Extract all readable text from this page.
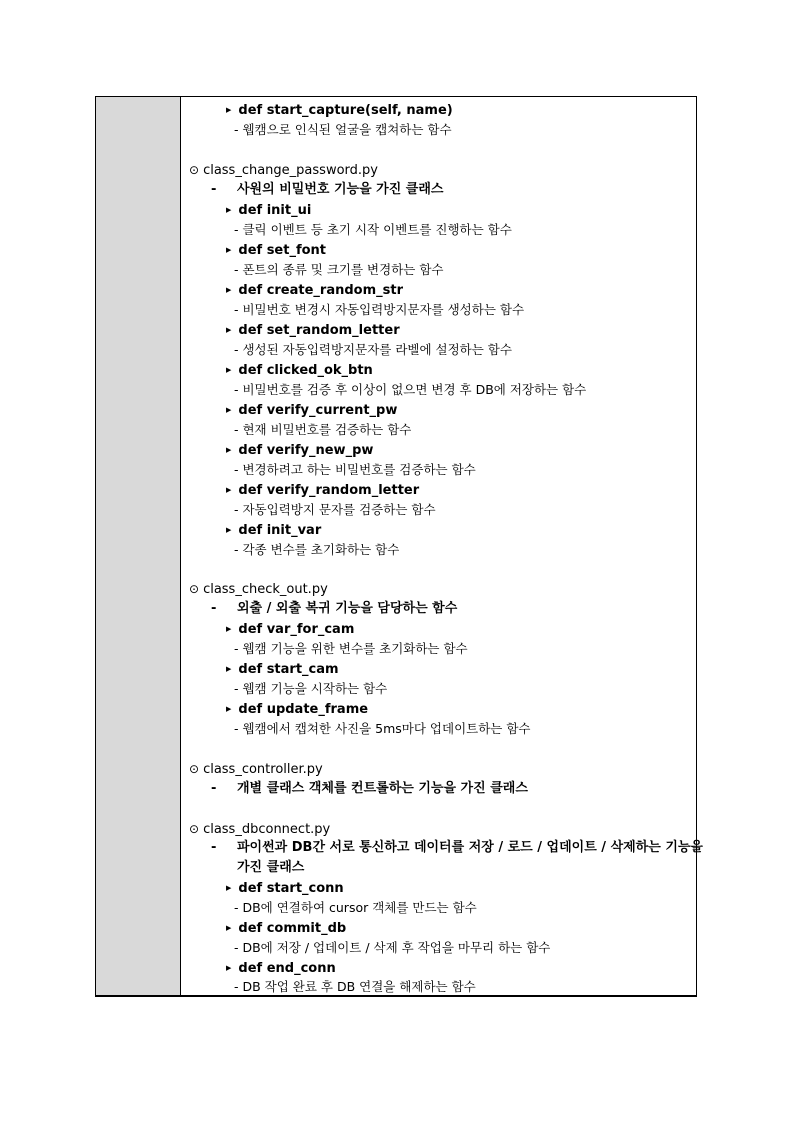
▶ def start_capture(self, name)
- 웹캠으로 인식된 얼굴을 캡쳐하는 함수
⊙ class_change_password.py
- 사원의 비밀번호 기능을 가진 클래스
▶ def init_ui
- 클릭 이벤트 등 초기 시작 이벤트를 진행하는 함수
▶ def set_font
- 폰트의 종류 및 크기를 변경하는 함수
▶ def create_random_str
- 비밀번호 변경시 자동입력방지문자를 생성하는 함수
▶ def set_random_letter
- 생성된 자동입력방지문자를 라벨에 설정하는 함수
▶ def clicked_ok_btn
- 비밀번호를 검증 후 이상이 없으면 변경 후 DB에 저장하는 함수
▶ def verify_current_pw
- 현재 비밀번호를 검증하는 함수
▶ def verify_new_pw
- 변경하려고 하는 비밀번호를 검증하는 함수
▶ def verify_random_letter
- 자동입력방지 문자를 검증하는 함수
▶ def init_var
- 각종 변수를 초기화하는 함수
⊙ class_check_out.py
- 외출 / 외출 복귀 기능을 담당하는 함수
▶ def var_for_cam
- 웹캠 기능을 위한 변수를 초기화하는 함수
▶ def start_cam
- 웹캠 기능을 시작하는 함수
▶ def update_frame
- 웹캠에서 캡쳐한 사진을 5ms마다 업데이트하는 함수
⊙ class_controller.py
- 개별 클래스 객체를 컨트롤하는 기능을 가진 클래스
⊙ class_dbconnect.py
- 파이썬과 DB간 서로 통신하고 데이터를 저장 / 로드 / 업데이트 / 삭제하는 기능을
가진 클래스
▶ def start_conn
- DB에 연결하여 cursor 객체를 만드는 함수
▶ def commit_db
- DB에 저장 / 업데이트 / 삭제 후 작업을 마무리 하는 함수
▶ def end_conn
- DB 작업 완료 후 DB 연결을 해제하는 함수
